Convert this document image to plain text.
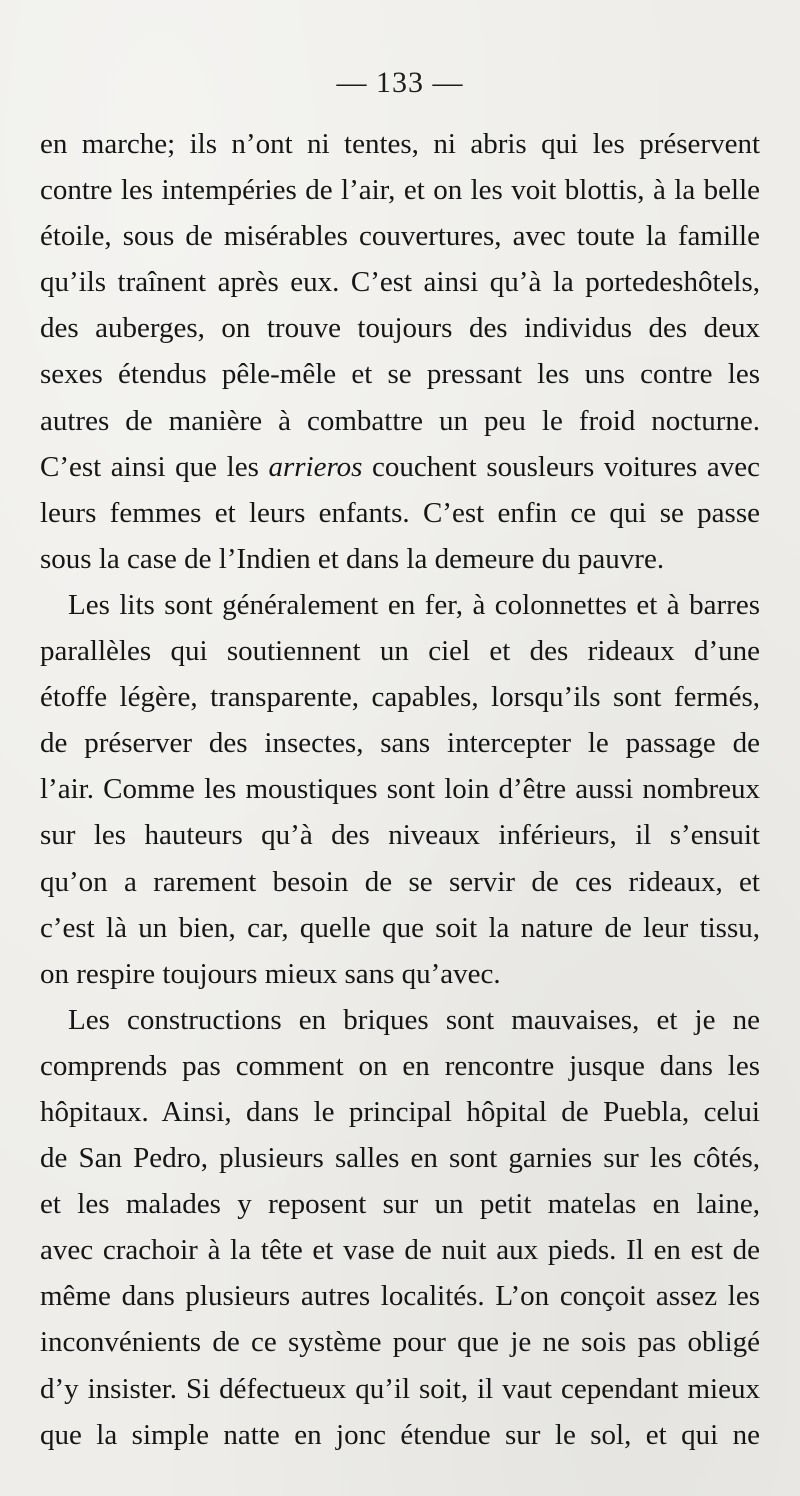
— 133 —
en marche; ils n’ont ni tentes, ni abris qui les préservent
contre les intempéries de l’air, et on les voit blottis, à la belle
étoile, sous de misérables couvertures, avec toute la famille
qu’ils traînent après eux. C’est ainsi qu’à la portedeshôtels,
des auberges, on trouve toujours des individus des deux
sexes étendus pêle-mêle et se pressant les uns contre les
autres de manière à combattre un peu le froid nocturne.
C’est ainsi que les arrieros couchent sousleurs voitures avec
leurs femmes et leurs enfants. C’est enfin ce qui se passe
sous la case de l’Indien et dans la demeure du pauvre.
Les lits sont généralement en fer, à colonnettes et à barres
parallèles qui soutiennent un ciel et des rideaux d’une
étoffe légère, transparente, capables, lorsqu’ils sont fermés,
de préserver des insectes, sans intercepter le passage de
l’air. Comme les moustiques sont loin d’être aussi nombreux
sur les hauteurs qu’à des niveaux inférieurs, il s’ensuit
qu’on a rarement besoin de se servir de ces rideaux, et
c’est là un bien, car, quelle que soit la nature de leur tissu,
on respire toujours mieux sans qu’avec.
Les constructions en briques sont mauvaises, et je ne
comprends pas comment on en rencontre jusque dans les
hôpitaux. Ainsi, dans le principal hôpital de Puebla, celui
de San Pedro, plusieurs salles en sont garnies sur les côtés,
et les malades y reposent sur un petit matelas en laine,
avec crachoir à la tête et vase de nuit aux pieds. Il en est de
même dans plusieurs autres localités. L’on conçoit assez les
inconvénients de ce système pour que je ne sois pas obligé
d’y insister. Si défectueux qu’il soit, il vaut cependant mieux
que la simple natte en jonc étendue sur le sol, et qui ne
